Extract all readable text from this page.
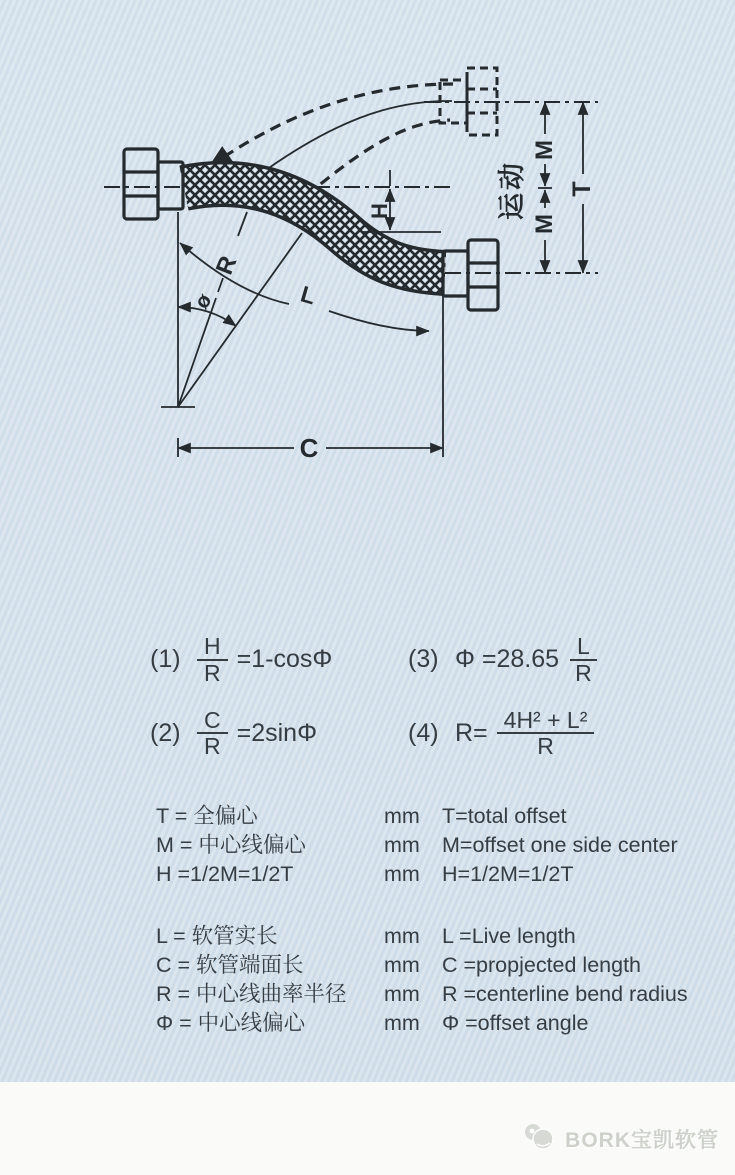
R
ø	L
H
M
M
T
运动
C
$(1) \frac{H}{R} =1-\cos\Phi$	(3) $\Phi =28.65 \frac{L}{R}$
$(2) \frac{C}{R} =2\sin\Phi$	(4) $R= \frac{\text{4H² + L²}}{R}$
T = 全偏心	mm	T=total offset
M = 中心线偏心	mm	M=offset one side center
H =1/2M=1/2T	mm	H=1/2M=1/2T
L = 软管实长	mm	L =Live length
C = 软管端面长	mm	C =propjected length
R = 中心线曲率半径	mm	R =centerline bend radius
Φ = 中心线偏心	mm	Φ =offset angle
BORK宝凯软管
